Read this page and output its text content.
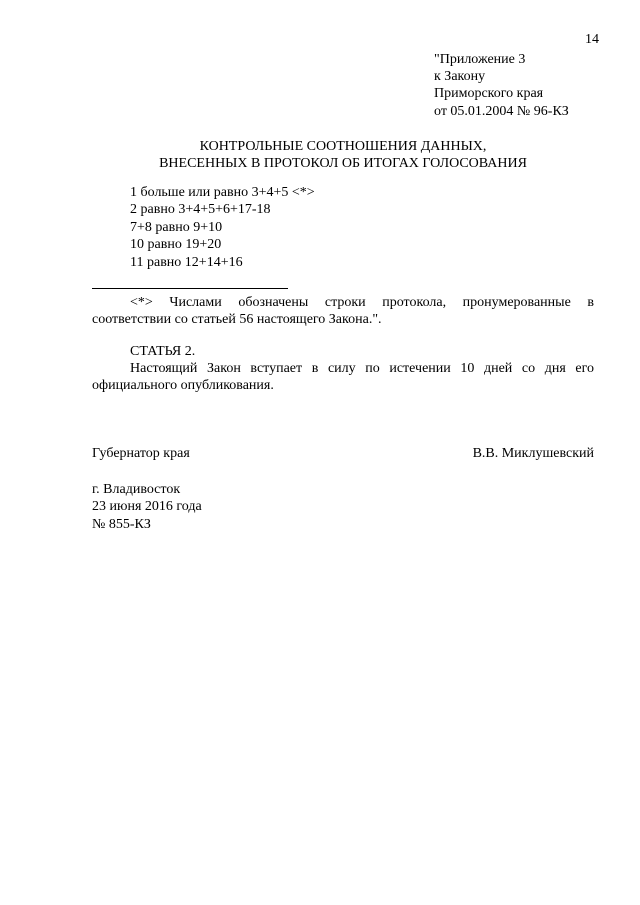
14
"Приложение 3
к Закону
Приморского края
от 05.01.2004 № 96-КЗ
КОНТРОЛЬНЫЕ СООТНОШЕНИЯ ДАННЫХ,
ВНЕСЕННЫХ В ПРОТОКОЛ ОБ ИТОГАХ ГОЛОСОВАНИЯ
1 больше или равно 3+4+5 <*>
2 равно 3+4+5+6+17-18
7+8 равно 9+10
10 равно 19+20
11 равно 12+14+16
<*> Числами обозначены строки протокола, пронумерованные в соответствии со статьей 56 настоящего Закона.".
СТАТЬЯ 2.
Настоящий Закон вступает в силу по истечении 10 дней со дня его официального опубликования.
Губернатор края	В.В. Миклушевский
г. Владивосток
23 июня 2016 года
№ 855-КЗ
